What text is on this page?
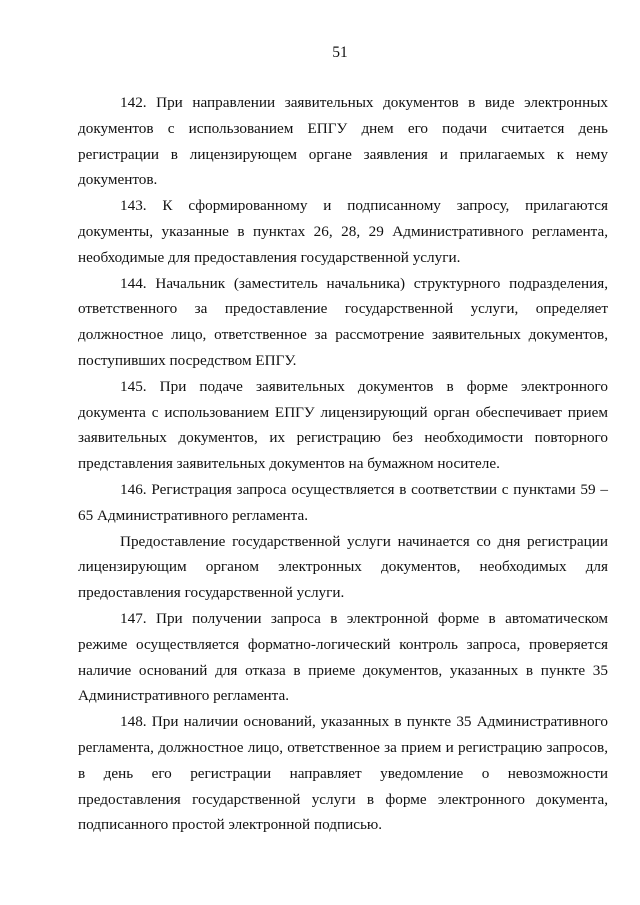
51

142. При направлении заявительных документов в виде электронных документов с использованием ЕПГУ днем его подачи считается день регистрации в лицензирующем органе заявления и прилагаемых к нему документов.

143. К сформированному и подписанному запросу, прилагаются документы, указанные в пунктах 26, 28, 29 Административного регламента, необходимые для предоставления государственной услуги.

144. Начальник (заместитель начальника) структурного подразделения, ответственного за предоставление государственной услуги, определяет должностное лицо, ответственное за рассмотрение заявительных документов, поступивших посредством ЕПГУ.

145. При подаче заявительных документов в форме электронного документа с использованием ЕПГУ лицензирующий орган обеспечивает прием заявительных документов, их регистрацию без необходимости повторного представления заявительных документов на бумажном носителе.

146. Регистрация запроса осуществляется в соответствии с пунктами 59 – 65 Административного регламента.

Предоставление государственной услуги начинается со дня регистрации лицензирующим органом электронных документов, необходимых для предоставления государственной услуги.

147. При получении запроса в электронной форме в автоматическом режиме осуществляется форматно-логический контроль запроса, проверяется наличие оснований для отказа в приеме документов, указанных в пункте 35 Административного регламента.

148. При наличии оснований, указанных в пункте 35 Административного регламента, должностное лицо, ответственное за прием и регистрацию запросов, в день его регистрации направляет уведомление о невозможности предоставления государственной услуги в форме электронного документа, подписанного простой электронной подписью.
